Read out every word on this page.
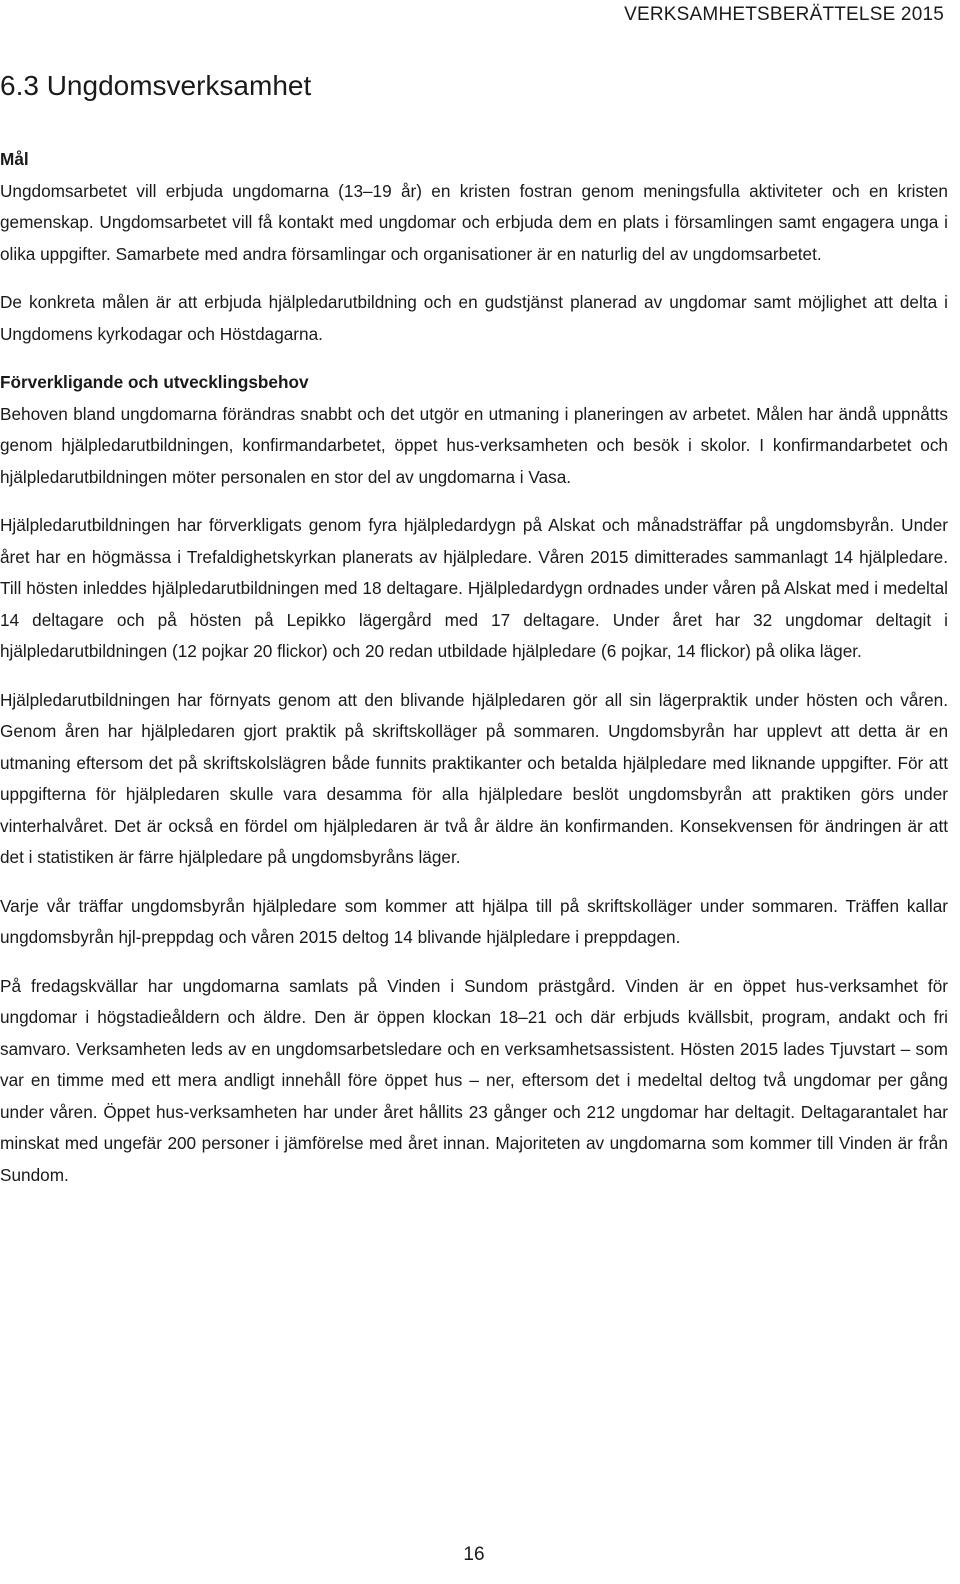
VERKSAMHETSBERÄTTELSE 2015
6.3 Ungdomsverksamhet
Mål

Ungdomsarbetet vill erbjuda ungdomarna (13–19 år) en kristen fostran genom meningsfulla aktiviteter och en kristen gemenskap. Ungdomsarbetet vill få kontakt med ungdomar och erbjuda dem en plats i församlingen samt engagera unga i olika uppgifter. Samarbete med andra församlingar och organisationer är en naturlig del av ungdomsarbetet.

De konkreta målen är att erbjuda hjälpledarutbildning och en gudstjänst planerad av ungdomar samt möjlighet att delta i Ungdomens kyrkodagar och Höstdagarna.

Förverkligande och utvecklingsbehov

Behoven bland ungdomarna förändras snabbt och det utgör en utmaning i planeringen av arbetet. Målen har ändå uppnåtts genom hjälpledarutbildningen, konfirmandarbetet, öppet hus-verksamheten och besök i skolor. I konfirmandarbetet och hjälpledarutbildningen möter personalen en stor del av ungdomarna i Vasa.

Hjälpledarutbildningen har förverkligats genom fyra hjälpledardygn på Alskat och månadsträffar på ungdomsbyrån. Under året har en högmässa i Trefaldighetskyrkan planerats av hjälpledare. Våren 2015 dimitterades sammanlagt 14 hjälpledare. Till hösten inleddes hjälpledarutbildningen med 18 deltagare. Hjälpledardygn ordnades under våren på Alskat med i medeltal 14 deltagare och på hösten på Lepikko lägergård med 17 deltagare. Under året har 32 ungdomar deltagit i hjälpledarutbildningen (12 pojkar 20 flickor) och 20 redan utbildade hjälpledare (6 pojkar, 14 flickor) på olika läger.

Hjälpledarutbildningen har förnyats genom att den blivande hjälpledaren gör all sin lägerpraktik under hösten och våren. Genom åren har hjälpledaren gjort praktik på skriftskolläger på sommaren. Ungdomsbyrån har upplevt att detta är en utmaning eftersom det på skriftskolslägren både funnits praktikanter och betalda hjälpledare med liknande uppgifter. För att uppgifterna för hjälpledaren skulle vara desamma för alla hjälpledare beslöt ungdomsbyrån att praktiken görs under vinterhalvåret. Det är också en fördel om hjälpledaren är två år äldre än konfirmanden. Konsekvensen för ändringen är att det i statistiken är färre hjälpledare på ungdomsbyråns läger.

Varje vår träffar ungdomsbyrån hjälpledare som kommer att hjälpa till på skriftskolläger under sommaren. Träffen kallar ungdomsbyrån hjl-preppdag och våren 2015 deltog 14 blivande hjälpledare i preppdagen.

På fredagskvällar har ungdomarna samlats på Vinden i Sundom prästgård. Vinden är en öppet hus-verksamhet för ungdomar i högstadieåldern och äldre. Den är öppen klockan 18–21 och där erbjuds kvällsbit, program, andakt och fri samvaro. Verksamheten leds av en ungdomsarbetsledare och en verksamhetsassistent. Hösten 2015 lades Tjuvstart – som var en timme med ett mera andligt innehåll före öppet hus – ner, eftersom det i medeltal deltog två ungdomar per gång under våren. Öppet hus-verksamheten har under året hållits 23 gånger och 212 ungdomar har deltagit. Deltagarantalet har minskat med ungefär 200 personer i jämförelse med året innan. Majoriteten av ungdomarna som kommer till Vinden är från Sundom.

16
